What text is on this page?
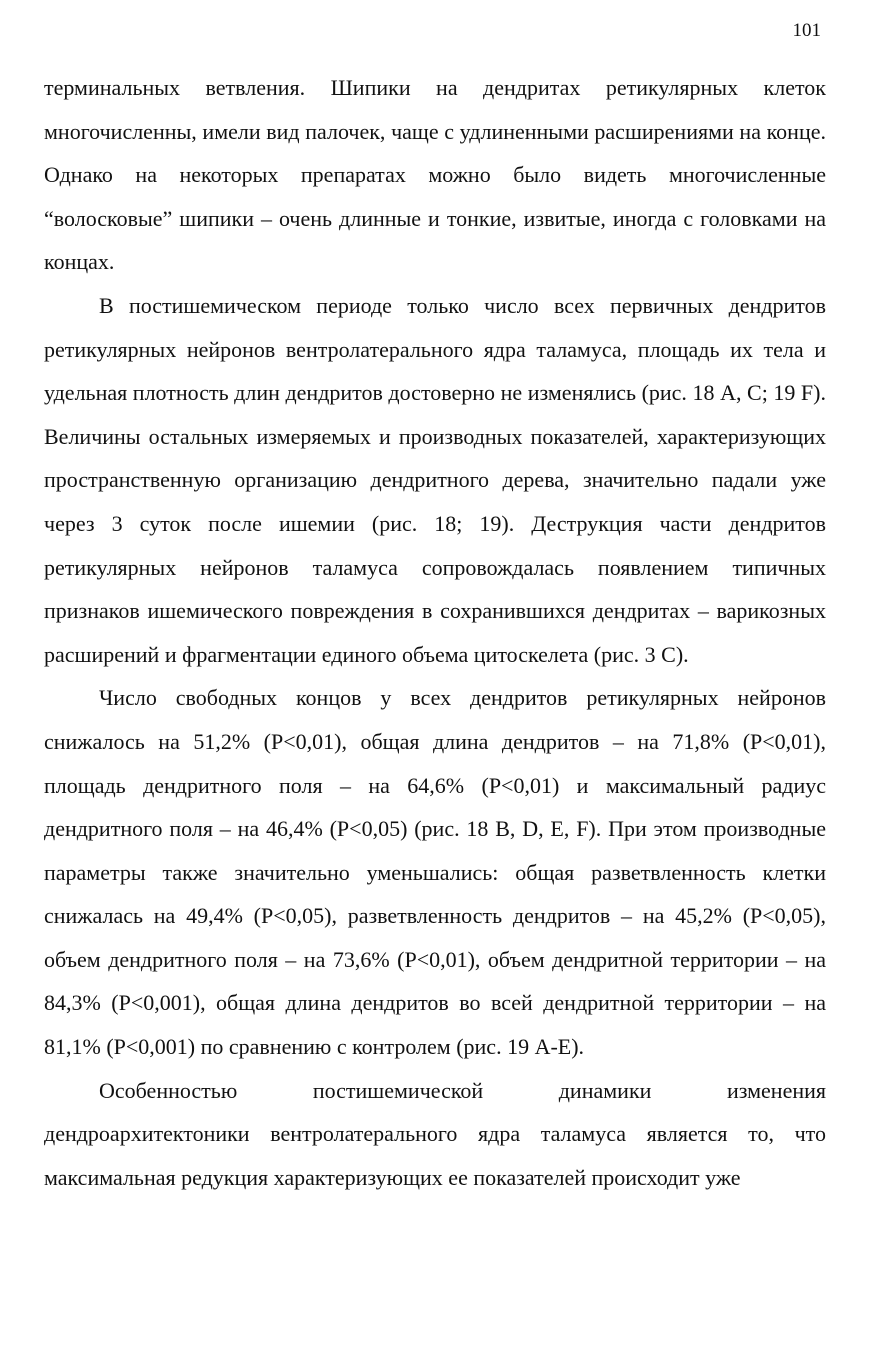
101

терминальных ветвления. Шипики на дендритах ретикулярных клеток многочисленны, имели вид палочек, чаще с удлиненными расширениями на конце. Однако на некоторых препаратах можно было видеть многочисленные “волосковые” шипики – очень длинные и тонкие, извитые, иногда с головками на концах.

В постишемическом периоде только число всех первичных дендритов ретикулярных нейронов вентролатерального ядра таламуса, площадь их тела и удельная плотность длин дендритов достоверно не изменялись (рис. 18 А, С; 19 F). Величины остальных измеряемых и производных показателей, характеризующих пространственную организацию дендритного дерева, значительно падали уже через 3 суток после ишемии (рис. 18; 19). Деструкция части дендритов ретикулярных нейронов таламуса сопровождалась появлением типичных признаков ишемического повреждения в сохранившихся дендритах – варикозных расширений и фрагментации единого объема цитоскелета (рис. 3 С).

Число свободных концов у всех дендритов ретикулярных нейронов снижалось на 51,2% (P<0,01), общая длина дендритов – на 71,8% (P<0,01), площадь дендритного поля – на 64,6% (P<0,01) и максимальный радиус дендритного поля – на 46,4% (P<0,05) (рис. 18 В, D, E, F). При этом производные параметры также значительно уменьшались: общая разветвленность клетки снижалась на 49,4% (P<0,05), разветвленность дендритов – на 45,2% (P<0,05), объем дендритного поля – на 73,6% (P<0,01), объем дендритной территории – на 84,3% (P<0,001), общая длина дендритов во всей дендритной территории – на 81,1% (P<0,001) по сравнению с контролем (рис. 19 А-Е).

Особенностью постишемической динамики изменения дендроархитектоники вентролатерального ядра таламуса является то, что максимальная редукция характеризующих ее показателей происходит уже
